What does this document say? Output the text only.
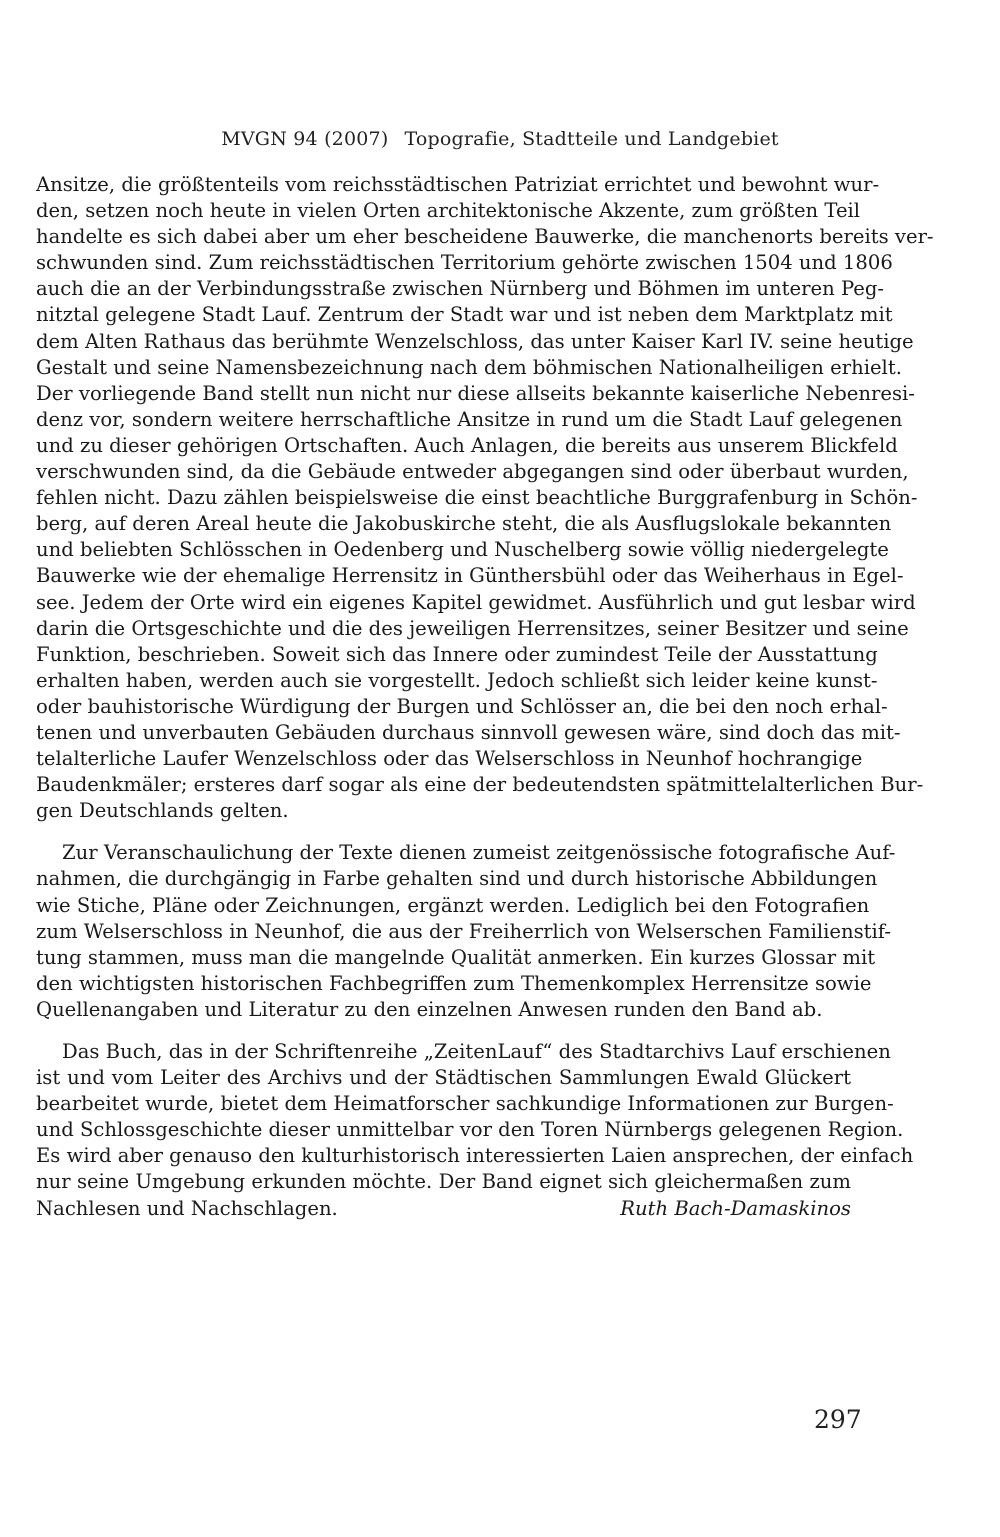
MVGN 94 (2007) Topografie, Stadtteile und Landgebiet
Ansitze, die größtenteils vom reichsstädtischen Patriziat errichtet und bewohnt wur-
den, setzen noch heute in vielen Orten architektonische Akzente, zum größten Teil
handelte es sich dabei aber um eher bescheidene Bauwerke, die manchenorts bereits ver-
schwunden sind. Zum reichsstädtischen Territorium gehörte zwischen 1504 und 1806
auch die an der Verbindungsstraße zwischen Nürnberg und Böhmen im unteren Peg-
nitztal gelegene Stadt Lauf. Zentrum der Stadt war und ist neben dem Marktplatz mit
dem Alten Rathaus das berühmte Wenzelschloss, das unter Kaiser Karl IV. seine heutige
Gestalt und seine Namensbezeichnung nach dem böhmischen Nationalheiligen erhielt.
Der vorliegende Band stellt nun nicht nur diese allseits bekannte kaiserliche Nebenresi-
denz vor, sondern weitere herrschaftliche Ansitze in rund um die Stadt Lauf gelegenen
und zu dieser gehörigen Ortschaften. Auch Anlagen, die bereits aus unserem Blickfeld
verschwunden sind, da die Gebäude entweder abgegangen sind oder überbaut wurden,
fehlen nicht. Dazu zählen beispielsweise die einst beachtliche Burggrafenburg in Schön-
berg, auf deren Areal heute die Jakobuskirche steht, die als Ausflugslokale bekannten
und beliebten Schlösschen in Oedenberg und Nuschelberg sowie völlig niedergelegte
Bauwerke wie der ehemalige Herrensitz in Günthersbühl oder das Weiherhaus in Egel-
see. Jedem der Orte wird ein eigenes Kapitel gewidmet. Ausführlich und gut lesbar wird
darin die Ortsgeschichte und die des jeweiligen Herrensitzes, seiner Besitzer und seine
Funktion, beschrieben. Soweit sich das Innere oder zumindest Teile der Ausstattung
erhalten haben, werden auch sie vorgestellt. Jedoch schließt sich leider keine kunst-
oder bauhistorische Würdigung der Burgen und Schlösser an, die bei den noch erhal-
tenen und unverbauten Gebäuden durchaus sinnvoll gewesen wäre, sind doch das mit-
telalterliche Laufer Wenzelschloss oder das Welserschloss in Neunhof hochrangige
Baudenkmäler; ersteres darf sogar als eine der bedeutendsten spätmittelalterlichen Bur-
gen Deutschlands gelten.
Zur Veranschaulichung der Texte dienen zumeist zeitgenössische fotografische Auf-
nahmen, die durchgängig in Farbe gehalten sind und durch historische Abbildungen
wie Stiche, Pläne oder Zeichnungen, ergänzt werden. Lediglich bei den Fotografien
zum Welserschloss in Neunhof, die aus der Freiherrlich von Welserschen Familienstif-
tung stammen, muss man die mangelnde Qualität anmerken. Ein kurzes Glossar mit
den wichtigsten historischen Fachbegriffen zum Themenkomplex Herrensitze sowie
Quellenangaben und Literatur zu den einzelnen Anwesen runden den Band ab.
Das Buch, das in der Schriftenreihe „ZeitenLauf“ des Stadtarchivs Lauf erschienen
ist und vom Leiter des Archivs und der Städtischen Sammlungen Ewald Glückert
bearbeitet wurde, bietet dem Heimatforscher sachkundige Informationen zur Burgen-
und Schlossgeschichte dieser unmittelbar vor den Toren Nürnbergs gelegenen Region.
Es wird aber genauso den kulturhistorisch interessierten Laien ansprechen, der einfach
nur seine Umgebung erkunden möchte. Der Band eignet sich gleichermaßen zum
Nachlesen und Nachschlagen.	Ruth Bach-Damaskinos
297
